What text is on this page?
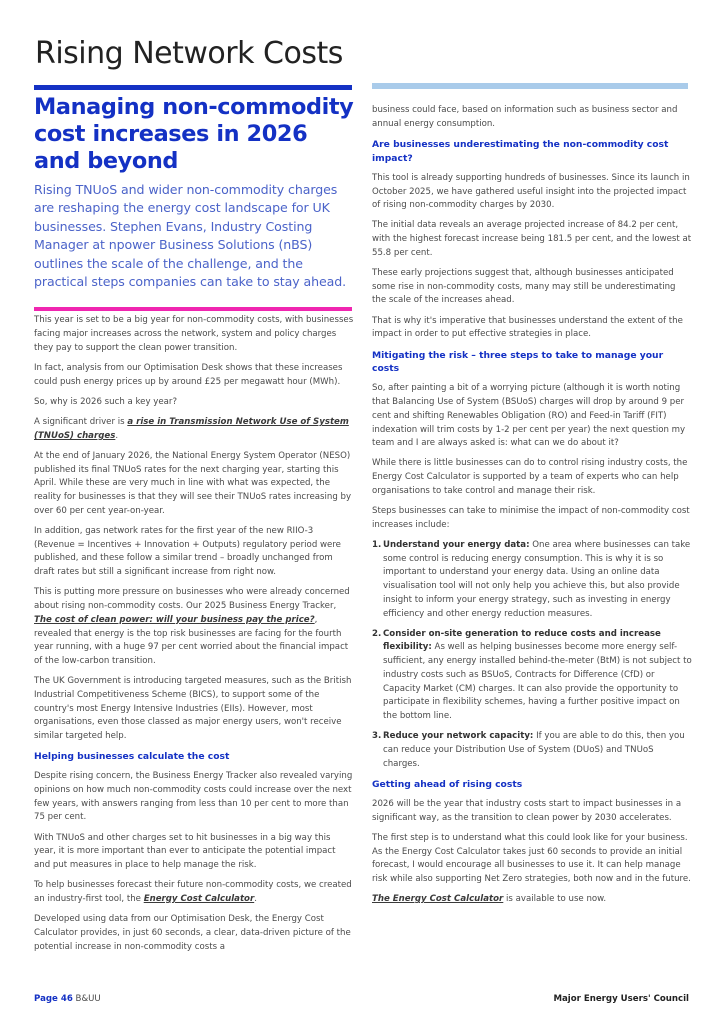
Rising Network Costs
Managing non-commodity cost increases in 2026 and beyond

Rising TNUoS and wider non-commodity charges are reshaping the energy cost landscape for UK businesses. Stephen Evans, Industry Costing Manager at npower Business Solutions (nBS) outlines the scale of the challenge, and the practical steps companies can take to stay ahead.

This year is set to be a big year for non-commodity costs, with businesses facing major increases across the network, system and policy charges they pay to support the clean power transition.

In fact, analysis from our Optimisation Desk shows that these increases could push energy prices up by around £25 per megawatt hour (MWh).

So, why is 2026 such a key year?

A significant driver is a rise in Transmission Network Use of System (TNUoS) charges.

At the end of January 2026, the National Energy System Operator (NESO) published its final TNUoS rates for the next charging year, starting this April. While these are very much in line with what was expected, the reality for businesses is that they will see their TNUoS rates increasing by over 60 per cent year-on-year.

In addition, gas network rates for the first year of the new RIIO-3 (Revenue = Incentives + Innovation + Outputs) regulatory period were published, and these follow a similar trend – broadly unchanged from draft rates but still a significant increase from right now.

This is putting more pressure on businesses who were already concerned about rising non-commodity costs. Our 2025 Business Energy Tracker, The cost of clean power: will your business pay the price?, revealed that energy is the top risk businesses are facing for the fourth year running, with a huge 97 per cent worried about the financial impact of the low-carbon transition.

The UK Government is introducing targeted measures, such as the British Industrial Competitiveness Scheme (BICS), to support some of the country's most Energy Intensive Industries (EIIs). However, most organisations, even those classed as major energy users, won't receive similar targeted help.

Helping businesses calculate the cost

Despite rising concern, the Business Energy Tracker also revealed varying opinions on how much non-commodity costs could increase over the next few years, with answers ranging from less than 10 per cent to more than 75 per cent.

With TNUoS and other charges set to hit businesses in a big way this year, it is more important than ever to anticipate the potential impact and put measures in place to help manage the risk.

To help businesses forecast their future non-commodity costs, we created an industry-first tool, the Energy Cost Calculator.

Developed using data from our Optimisation Desk, the Energy Cost Calculator provides, in just 60 seconds, a clear, data-driven picture of the potential increase in non-commodity costs a

business could face, based on information such as business sector and annual energy consumption.

Are businesses underestimating the non-commodity cost impact?

This tool is already supporting hundreds of businesses. Since its launch in October 2025, we have gathered useful insight into the projected impact of rising non-commodity charges by 2030.

The initial data reveals an average projected increase of 84.2 per cent, with the highest forecast increase being 181.5 per cent, and the lowest at 55.8 per cent.

These early projections suggest that, although businesses anticipated some rise in non-commodity costs, many may still be underestimating the scale of the increases ahead.

That is why it's imperative that businesses understand the extent of the impact in order to put effective strategies in place.

Mitigating the risk – three steps to take to manage your costs

So, after painting a bit of a worrying picture (although it is worth noting that Balancing Use of System (BSUoS) charges will drop by around 9 per cent and shifting Renewables Obligation (RO) and Feed-in Tariff (FIT) indexation will trim costs by 1-2 per cent per year) the next question my team and I are always asked is: what can we do about it?

While there is little businesses can do to control rising industry costs, the Energy Cost Calculator is supported by a team of experts who can help organisations to take control and manage their risk.

Steps businesses can take to minimise the impact of non-commodity cost increases include:

1. Understand your energy data: One area where businesses can take some control is reducing energy consumption. This is why it is so important to understand your energy data. Using an online data visualisation tool will not only help you achieve this, but also provide insight to inform your energy strategy, such as investing in energy efficiency and other energy reduction measures.
2. Consider on-site generation to reduce costs and increase flexibility: As well as helping businesses become more energy self-sufficient, any energy installed behind-the-meter (BtM) is not subject to industry costs such as BSUoS, Contracts for Difference (CfD) or Capacity Market (CM) charges. It can also provide the opportunity to participate in flexibility schemes, having a further positive impact on the bottom line.
3. Reduce your network capacity: If you are able to do this, then you can reduce your Distribution Use of System (DUoS) and TNUoS charges.
Getting ahead of rising costs

2026 will be the year that industry costs start to impact businesses in a significant way, as the transition to clean power by 2030 accelerates.

The first step is to understand what this could look like for your business. As the Energy Cost Calculator takes just 60 seconds to provide an initial forecast, I would encourage all businesses to use it. It can help manage risk while also supporting Net Zero strategies, both now and in the future.

The Energy Cost Calculator is available to use now.

Page 46 B&UU	Major Energy Users' Council
